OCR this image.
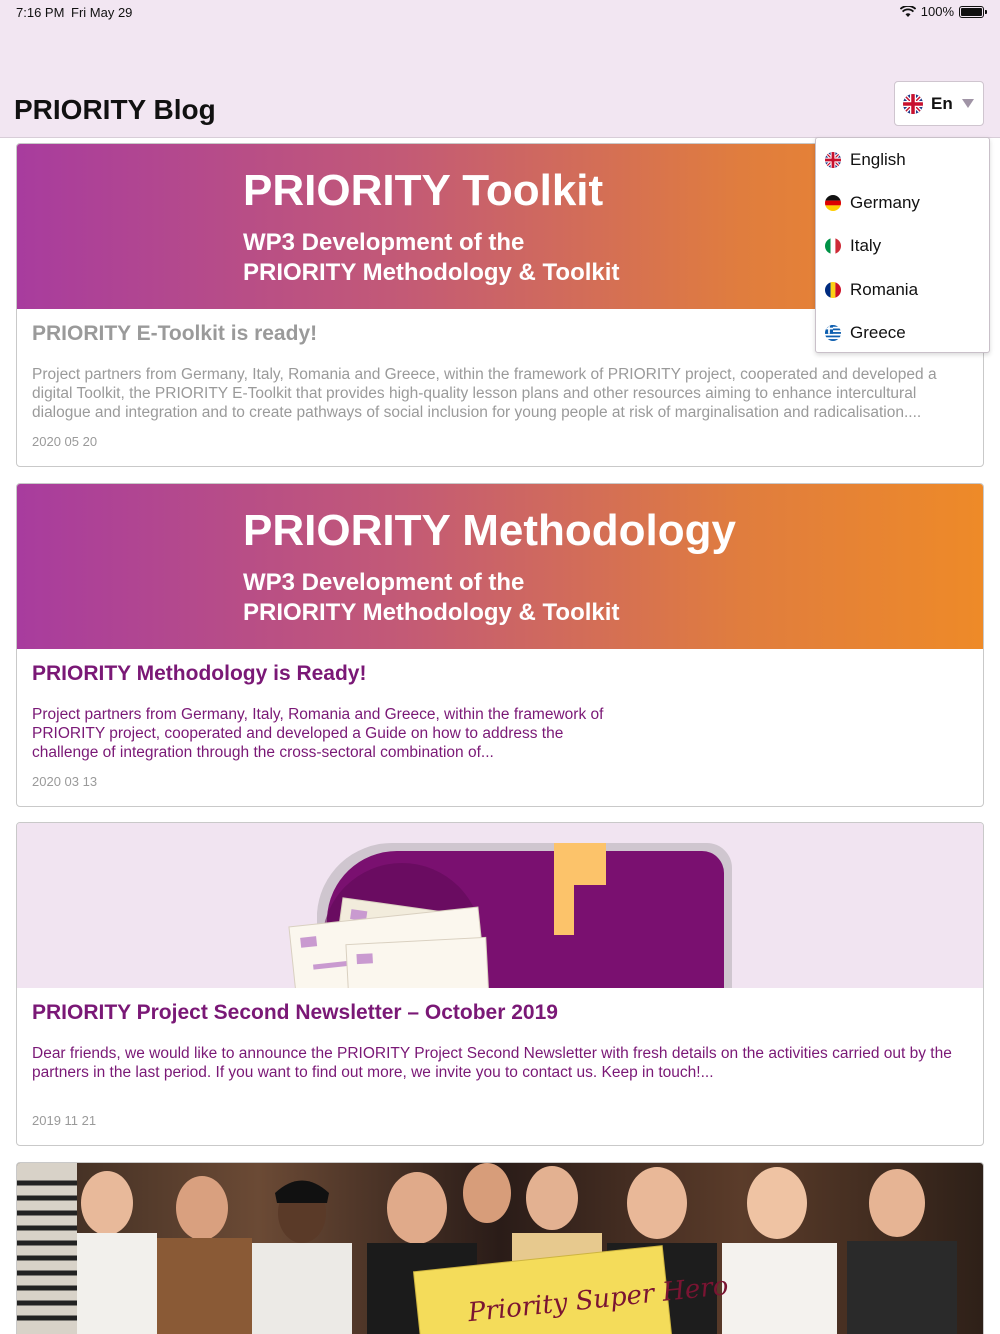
7:16 PM Fri May 29	100%
PRIORITY Blog	En
PRIORITY Toolkit
WP3 Development of the
PRIORITY Methodology & Toolkit
PRIORITY E-Toolkit is ready!
Project partners from Germany, Italy, Romania and Greece, within the framework of PRIORITY project, cooperated and developed a digital Toolkit, the PRIORITY E-Toolkit that provides high-quality lesson plans and other resources aiming to enhance intercultural dialogue and integration and to create pathways of social inclusion for young people at risk of marginalisation and radicalisation....
2020 05 20
PRIORITY Methodology
WP3 Development of the
PRIORITY Methodology & Toolkit
PRIORITY Methodology is Ready!
Project partners from Germany, Italy, Romania and Greece, within the framework of PRIORITY project, cooperated and developed a Guide on how to address the challenge of integration through the cross-sectoral combination of...
2020 03 13
PRIORITY Project Second Newsletter – October 2019
Dear friends, we would like to announce the PRIORITY Project Second Newsletter with fresh details on the activities carried out by the partners in the last period. If you want to find out more, we invite you to contact us. Keep in touch!...
2019 11 21
Priority Super Hero
English
Germany
Italy
Romania
Greece
